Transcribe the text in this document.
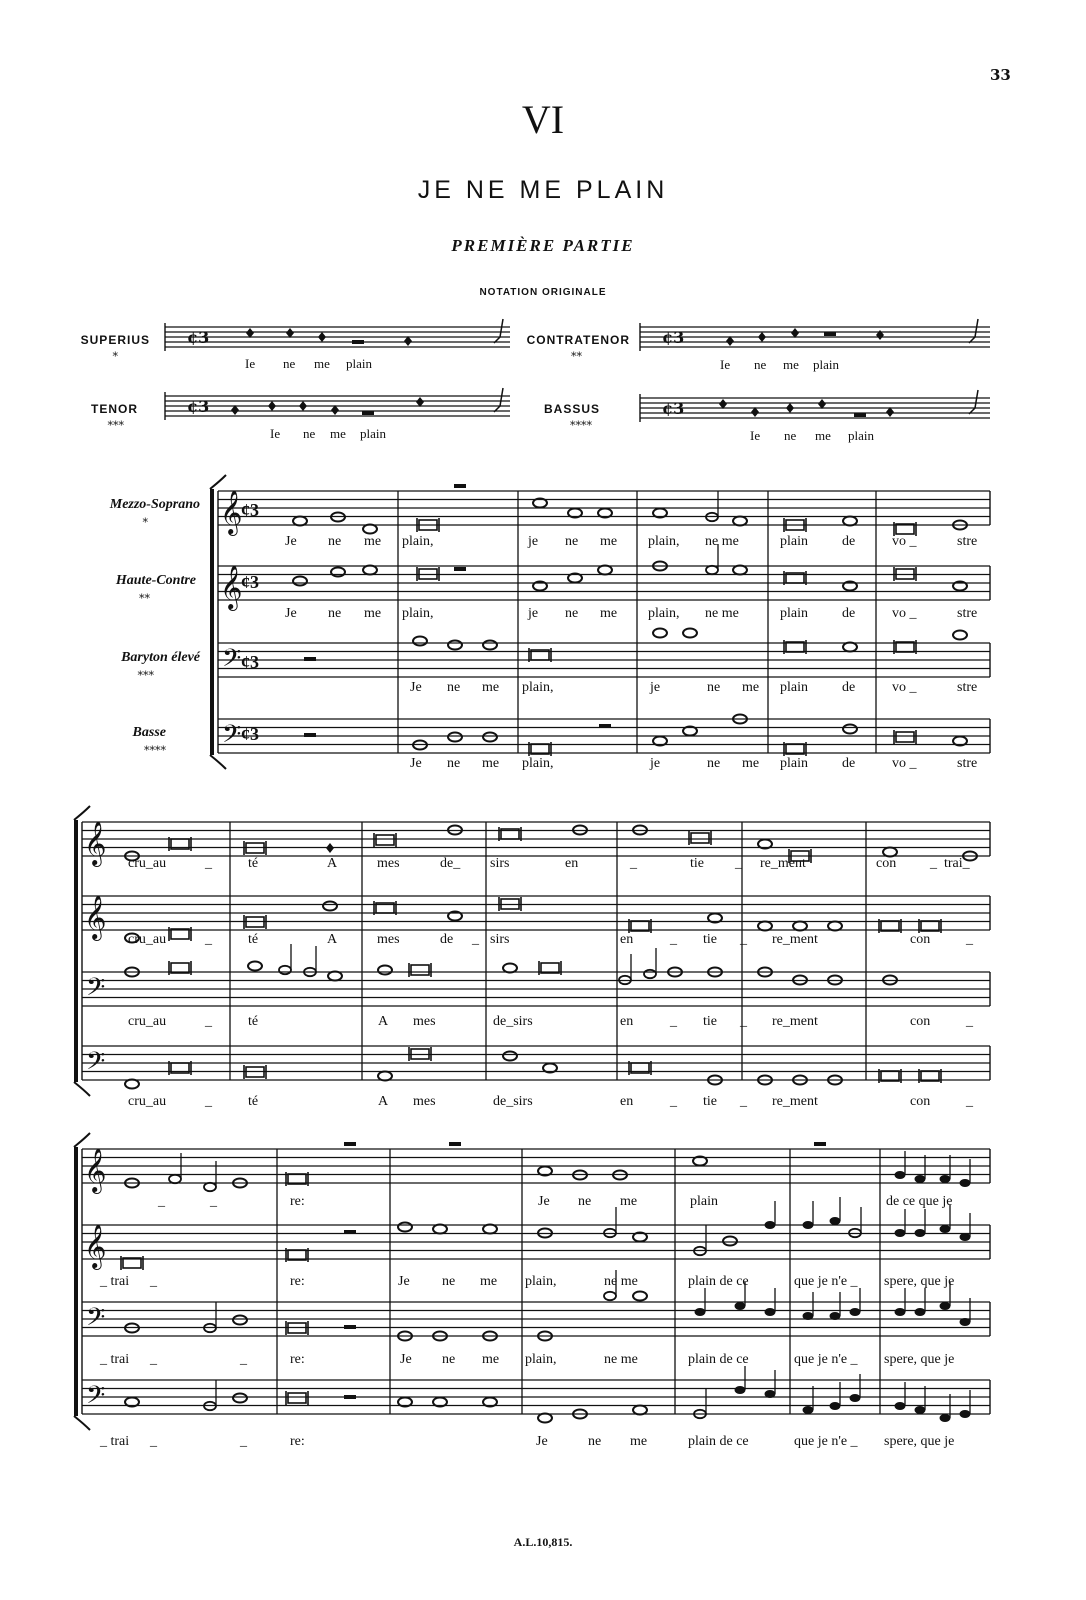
33
VI
JE NE ME PLAIN
PREMIÈRE PARTIE
NOTATION ORIGINALE
SUPERIUS
*
CONTRATENOR
**
TENOR
***
BASSUS
****
Ie ne me plain	Ie ne me plain
Ie ne me plain	Ie ne me plain
Mezzo-Soprano
*
Haute-Contre
**
Baryton élevé
***
Basse
****
¢3
¢3
¢3
¢3
¢3	¢3
¢3	¢3
𝄞
𝄞
𝄢
𝄢
𝄞
𝄞
𝄢
𝄢
𝄞
𝄞
𝄢
𝄢
Je ne me plain,	je ne me plain, ne me	plain de	vo _	stre
Je ne me plain,	je ne me plain, ne me	plain de	vo _	stre
Je ne me plain,	je	ne me plain de	vo _	stre
Je ne me plain,	je	ne me plain de	vo _	stre
cru_au	_	té	A	mes	de_ sirs	en	_	tie _ re_ment	con _ trai_
cru_au	_	té	A	mes	de _ sirs	en	_ tie _ re_ment	con	_
cru_au	_	té	A mes	de_sirs	en	_ tie _ re_ment	con	_
cru_au	_	té	A mes	de_sirs	en	_ tie _ re_ment	con	_
_	_	re:	Je ne me	plain	de ce que je
_ trai _	re:	Je ne me plain,	ne me	plain de ce	que je n'e _ spere, que je
_ trai _	_	re:	Je ne me plain,	ne me	plain de ce	que je n'e _ spere, que je
_ trai _	_	re:	Je	ne me	plain de ce	que je n'e _ spere, que je
A.L.10,815.
